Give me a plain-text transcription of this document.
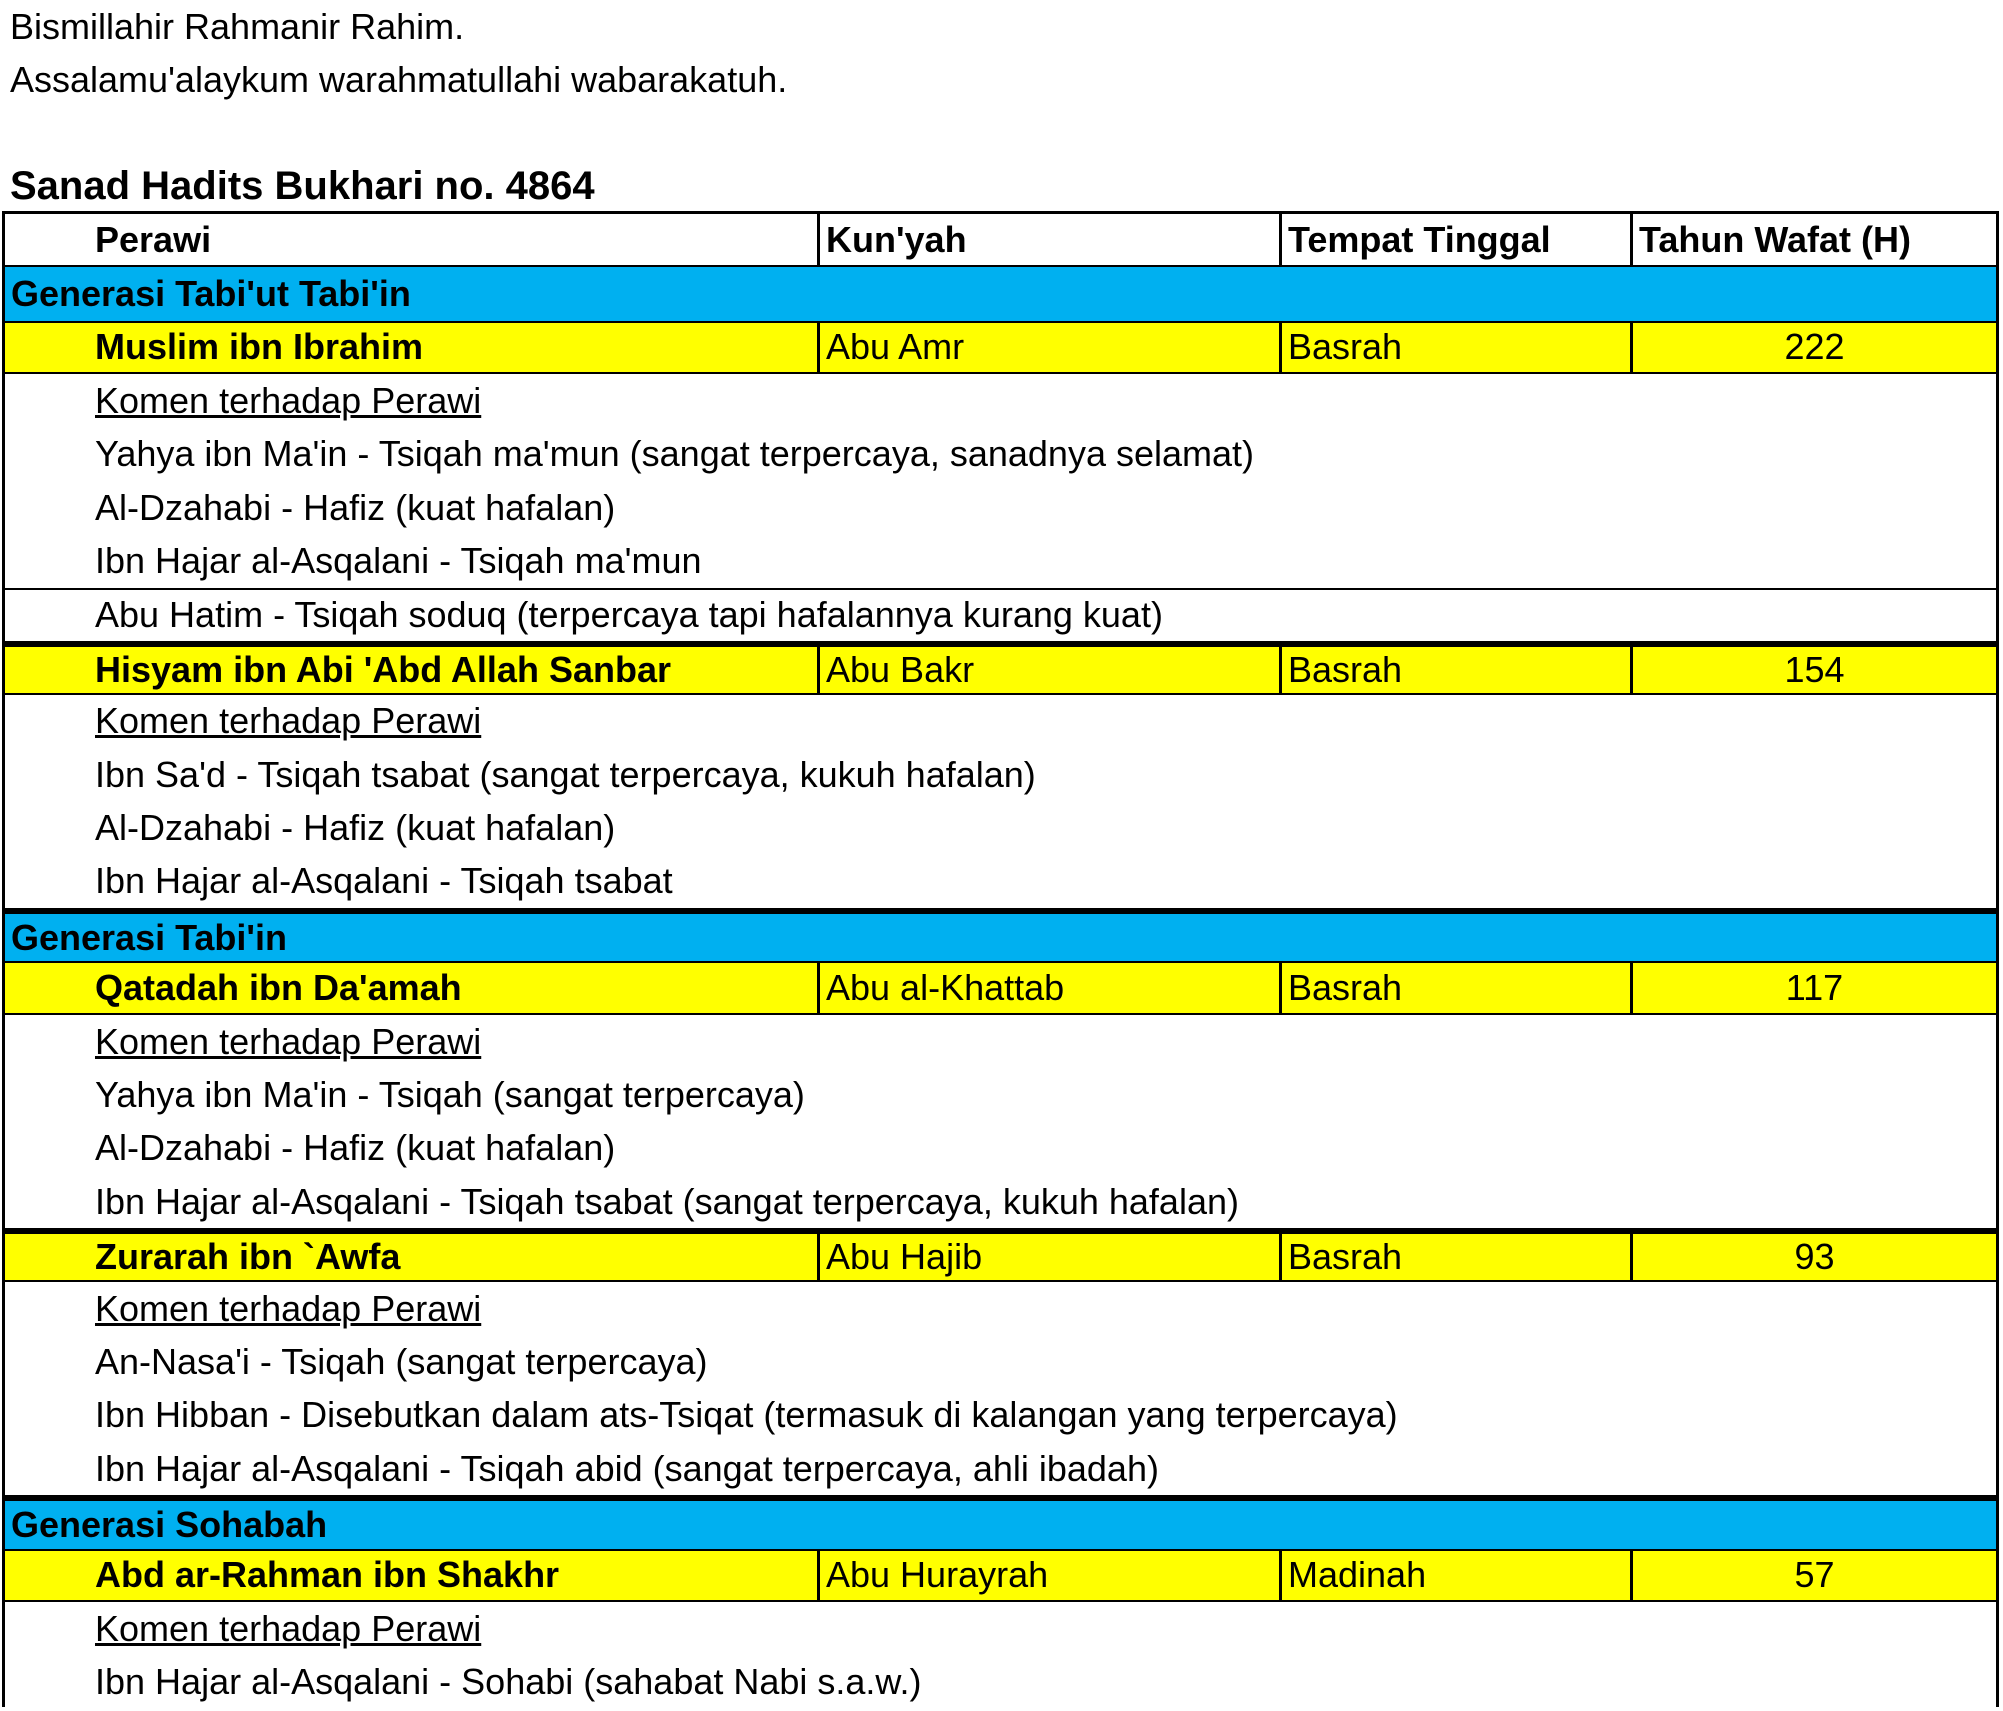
Bismillahir Rahmanir Rahim.
Assalamu'alaykum warahmatullahi wabarakatuh.
Sanad Hadits Bukhari no. 4864
Perawi	Kun'yah	Tempat Tinggal	Tahun Wafat (H)
Generasi Tabi'ut Tabi'in
Muslim ibn Ibrahim	Abu Amr	Basrah	222
Komen terhadap Perawi
Yahya ibn Ma'in - Tsiqah ma'mun (sangat terpercaya, sanadnya selamat)
Al-Dzahabi - Hafiz (kuat hafalan)
Ibn Hajar al-Asqalani - Tsiqah ma'mun
Abu Hatim - Tsiqah soduq (terpercaya tapi hafalannya kurang kuat)
Hisyam ibn Abi 'Abd Allah Sanbar	Abu Bakr	Basrah	154
Komen terhadap Perawi
Ibn Sa'd - Tsiqah tsabat (sangat terpercaya, kukuh hafalan)
Al-Dzahabi - Hafiz (kuat hafalan)
Ibn Hajar al-Asqalani - Tsiqah tsabat
Generasi Tabi'in
Qatadah ibn Da'amah	Abu al-Khattab	Basrah	117
Komen terhadap Perawi
Yahya ibn Ma'in - Tsiqah (sangat terpercaya)
Al-Dzahabi - Hafiz (kuat hafalan)
Ibn Hajar al-Asqalani - Tsiqah tsabat (sangat terpercaya, kukuh hafalan)
Zurarah ibn `Awfa	Abu Hajib	Basrah	93
Komen terhadap Perawi
An-Nasa'i - Tsiqah (sangat terpercaya)
Ibn Hibban - Disebutkan dalam ats-Tsiqat (termasuk di kalangan yang terpercaya)
Ibn Hajar al-Asqalani - Tsiqah abid (sangat terpercaya, ahli ibadah)
Generasi Sohabah
Abd ar-Rahman ibn Shakhr	Abu Hurayrah	Madinah	57
Komen terhadap Perawi
Ibn Hajar al-Asqalani - Sohabi (sahabat Nabi s.a.w.)
